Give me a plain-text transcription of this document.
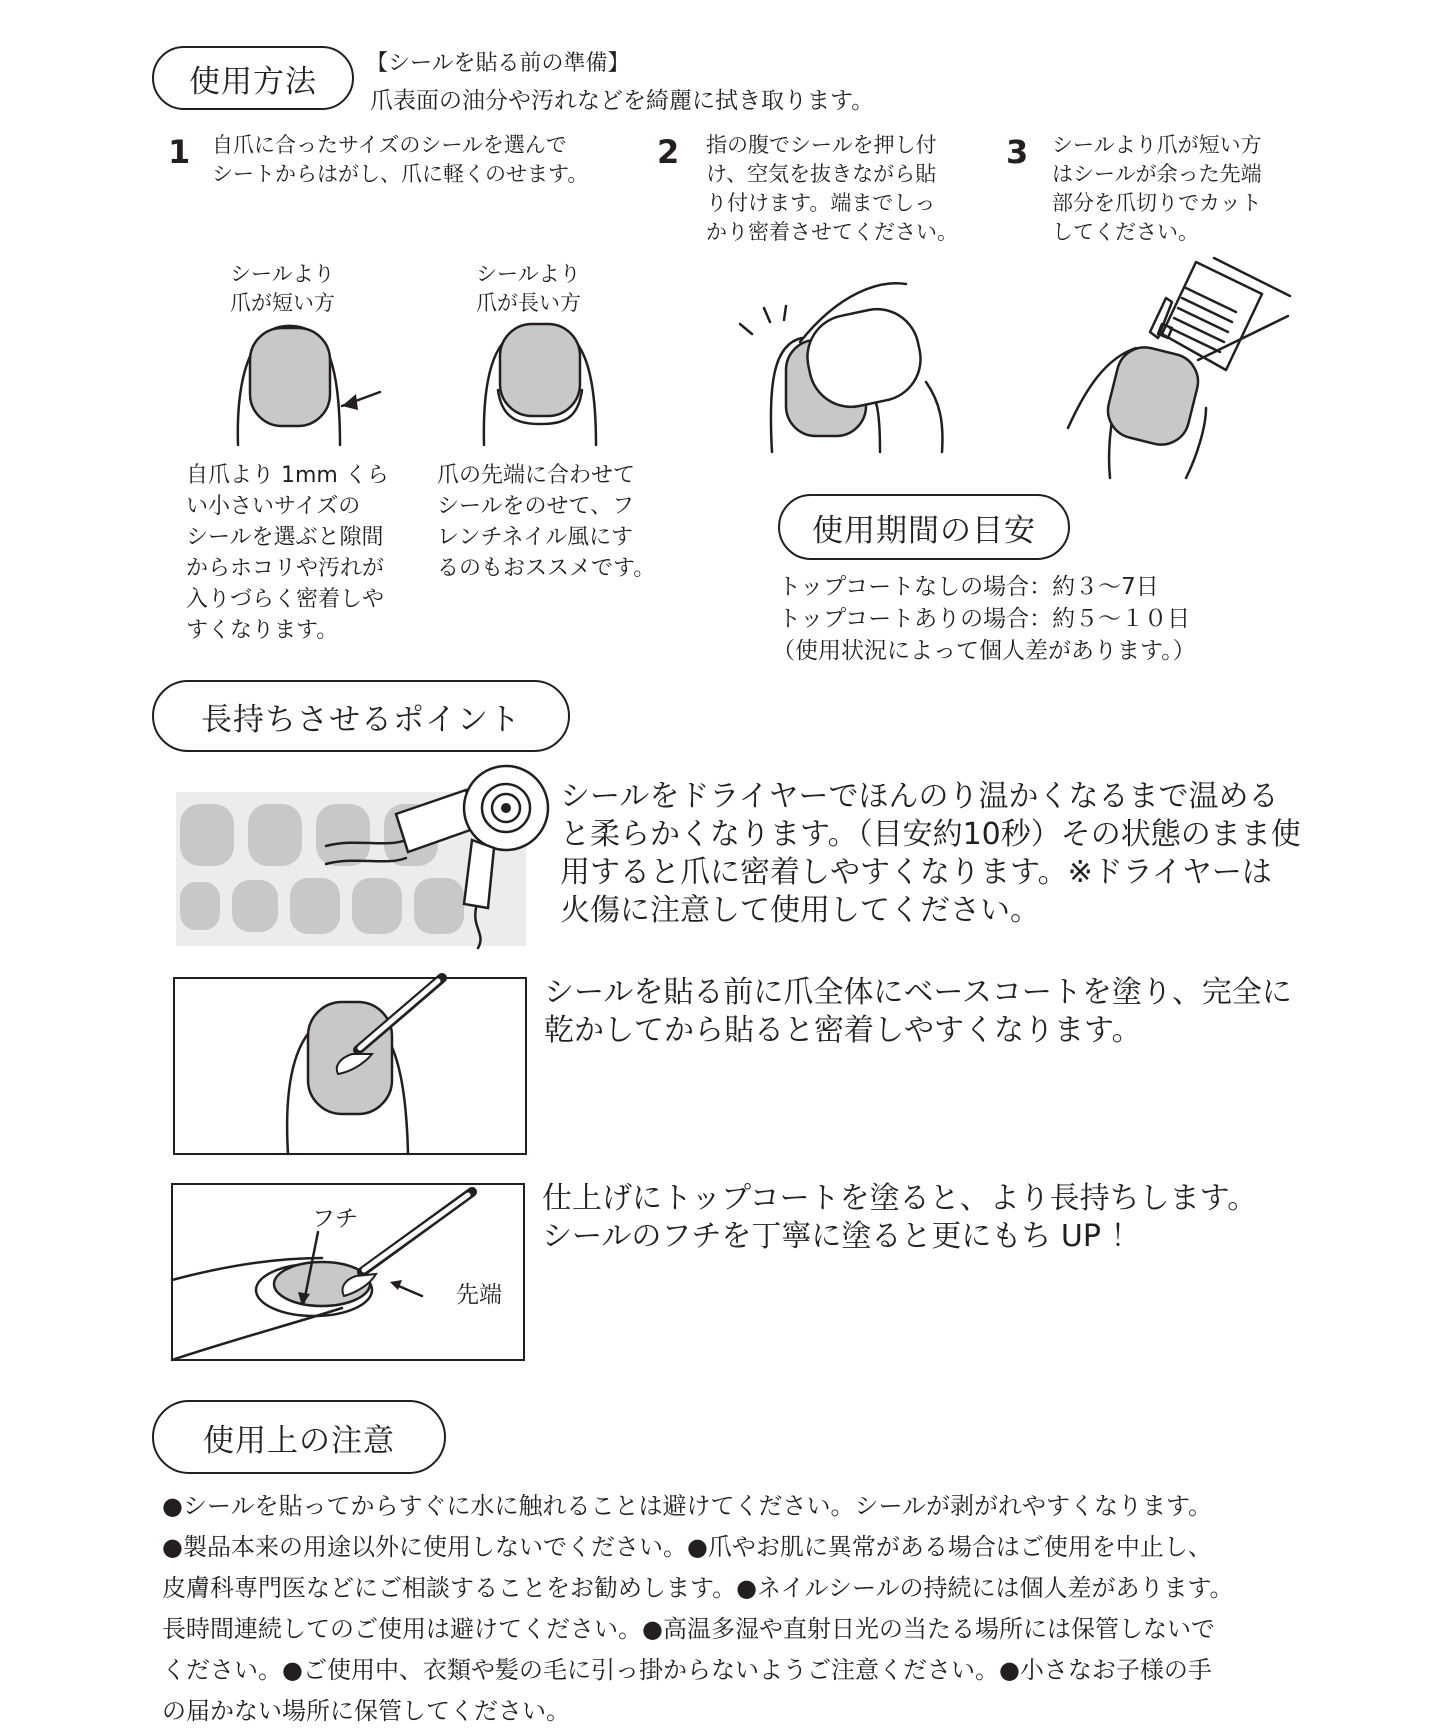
使用方法 【シールを貼る前の準備】
爪表面の油分や汚れなどを綺麗に拭き取ります。
1 自爪に合ったサイズのシールを選んで
シートからはがし、爪に軽くのせます。
2 指の腹でシールを押し付
け、空気を抜きながら貼
り付けます。端までしっ
かり密着させてください。
3 シールより爪が短い方
はシールが余った先端
部分を爪切りでカット
してください。
シールより
爪が短い方
自爪より 1mm くら
い小さいサイズの
シールを選ぶと隙間
からホコリや汚れが
入りづらく密着しや
すくなります。
シールより
爪が長い方
爪の先端に合わせて
シールをのせて、フ
レンチネイル風にす
るのもおススメです。
使用期間の目安
トップコートなしの場合：約３～7日
トップコートありの場合：約５～１０日
（使用状況によって個人差があります。）
長持ちさせるポイント
シールをドライヤーでほんのり温かくなるまで温める
と柔らかくなります。（目安約10秒）その状態のまま使
用すると爪に密着しやすくなります。※ドライヤーは
火傷に注意して使用してください。
シールを貼る前に爪全体にベースコートを塗り、完全に
乾かしてから貼ると密着しやすくなります。
フチ
先端
仕上げにトップコートを塗ると、より長持ちします。
シールのフチを丁寧に塗ると更にもち UP ！
使用上の注意
●シールを貼ってからすぐに水に触れることは避けてください。シールが剥がれやすくなります。
●製品本来の用途以外に使用しないでください。●爪やお肌に異常がある場合はご使用を中止し、
皮膚科専門医などにご相談することをお勧めします。●ネイルシールの持続には個人差があります。
長時間連続してのご使用は避けてください。●高温多湿や直射日光の当たる場所には保管しないで
ください。●ご使用中、衣類や髪の毛に引っ掛からないようご注意ください。●小さなお子様の手
の届かない場所に保管してください。
